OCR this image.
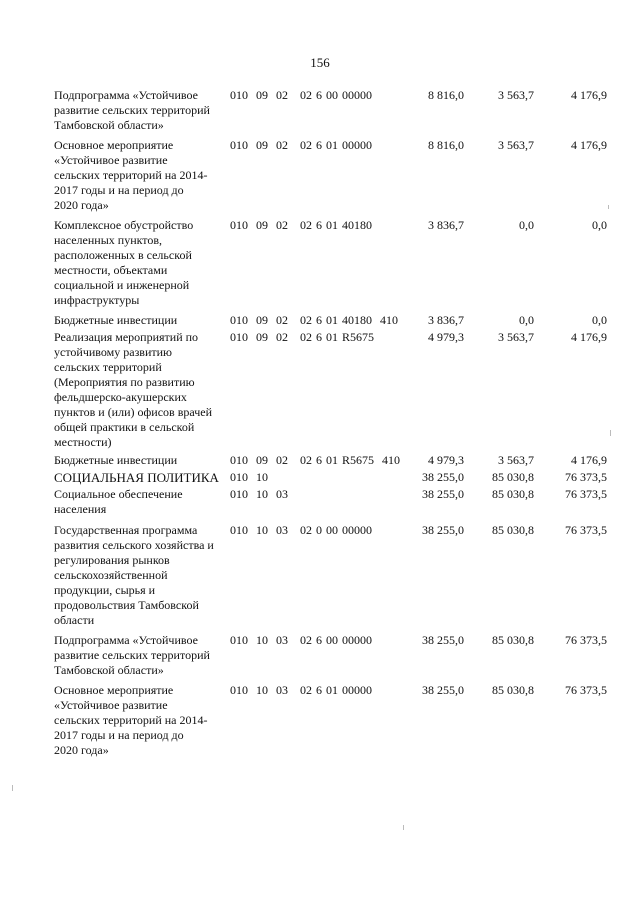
156
Подпрограмма «Устойчивое
развитие сельских территорий
Тамбовской области»
010  09  02   02 6 00 00000	8 816,0	3 563,7	4 176,9
Основное мероприятие
«Устойчивое развитие
сельских территорий на 2014-
2017 годы и на период до
2020 года»
010  09  02   02 6 01 00000	8 816,0	3 563,7	4 176,9
Комплексное обустройство
населенных пунктов,
расположенных в сельской
местности, объектами
социальной и инженерной
инфраструктуры
010  09  02   02 6 01 40180	3 836,7	0,0	0,0
Бюджетные инвестиции	010  09  02   02 6 01 40180  410	3 836,7	0,0	0,0
Реализация мероприятий по
устойчивому развитию
сельских территорий
(Мероприятия по развитию
фельдшерско-акушерских
пунктов и (или) офисов врачей
общей практики в сельской
местности)
010  09  02   02 6 01 R5675	4 979,3	3 563,7	4 176,9
Бюджетные инвестиции	010  09  02   02 6 01 R5675  410 4 979,3	3 563,7	4 176,9
СОЦИАЛЬНАЯ ПОЛИТИКА 010  10	38 255,0 85 030,8	76 373,5
Социальное обеспечение
населения
010  10  03	38 255,0 85 030,8	76 373,5
Государственная программа
развития сельского хозяйства и
регулирования рынков
сельскохозяйственной
продукции, сырья и
продовольствия Тамбовской
области
010  10  03   02 0 00 00000	38 255,0 85 030,8	76 373,5
Подпрограмма «Устойчивое
развитие сельских территорий
Тамбовской области»
010  10  03   02 6 00 00000	38 255,0 85 030,8	76 373,5
Основное мероприятие
«Устойчивое развитие
сельских территорий на 2014-
2017 годы и на период до
2020 года»
010  10  03   02 6 01 00000	38 255,0 85 030,8	76 373,5
